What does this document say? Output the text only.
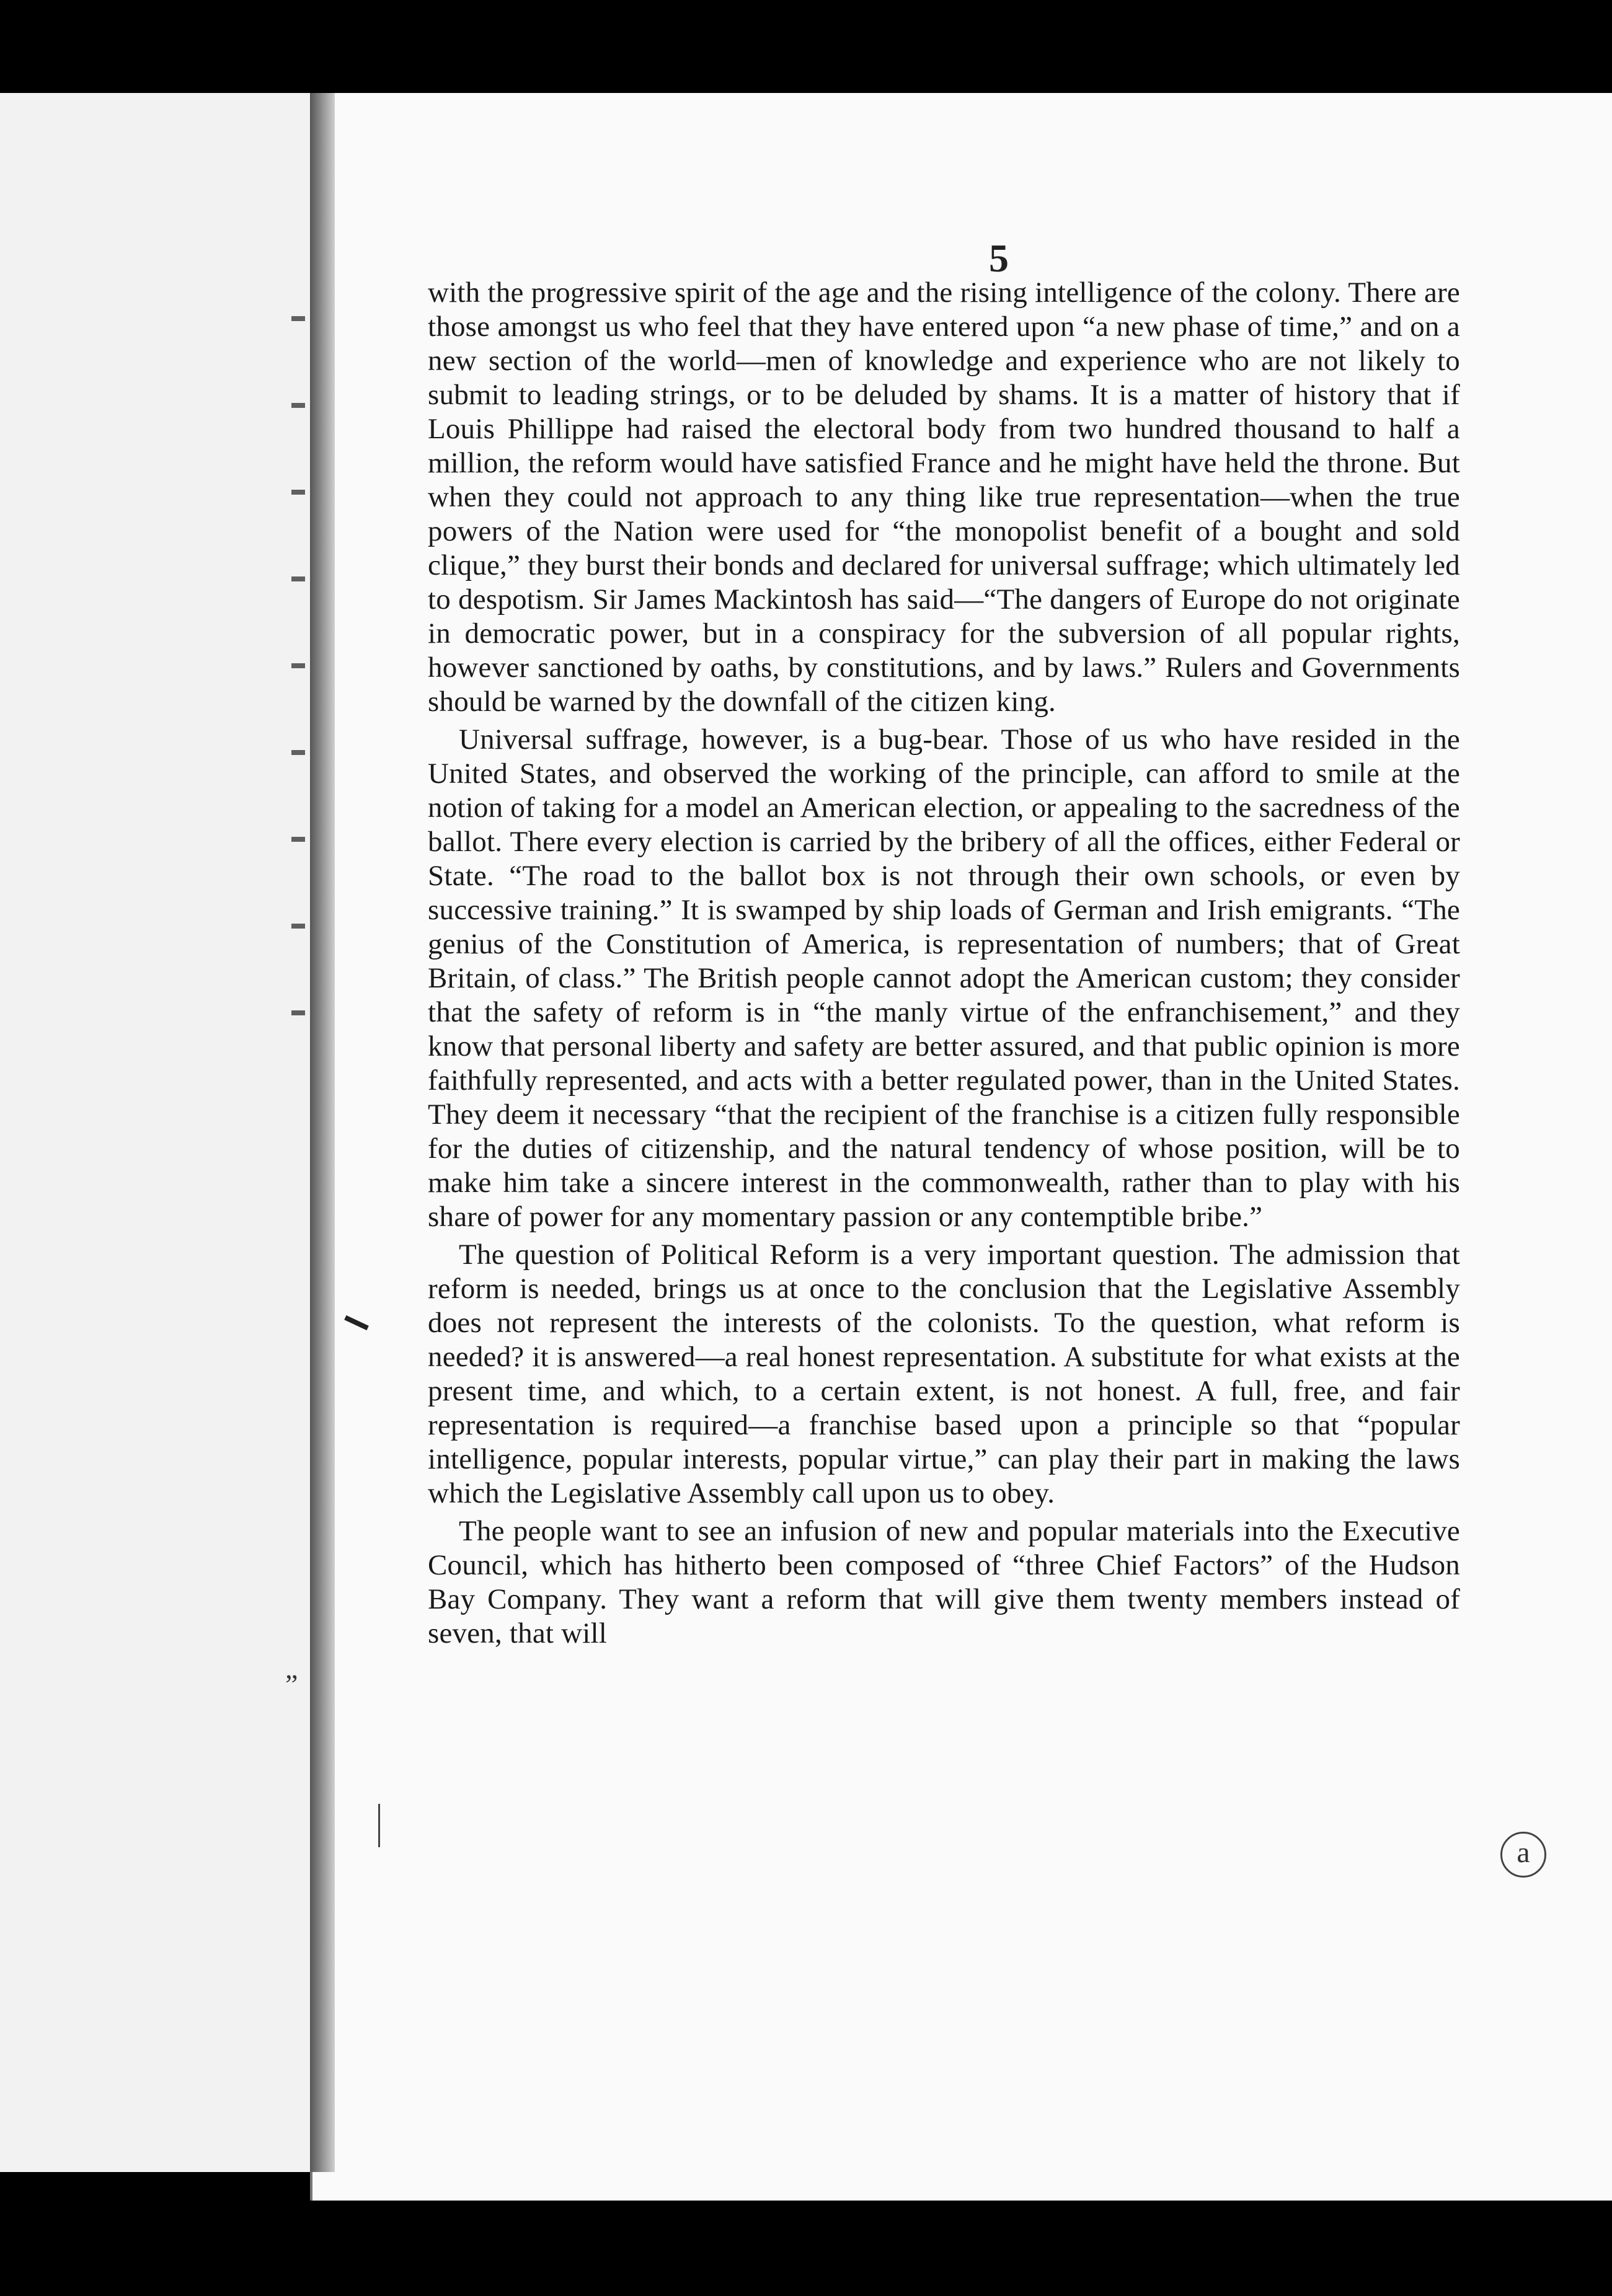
5

with the progressive spirit of the age and the rising intelligence of the colony. There are those amongst us who feel that they have entered upon “a new phase of time,” and on a new section of the world—men of knowledge and experience who are not likely to submit to leading strings, or to be deluded by shams. It is a matter of history that if Louis Phillippe had raised the electoral body from two hundred thousand to half a million, the reform would have satisfied France and he might have held the throne. But when they could not approach to any thing like true representation—when the true powers of the Nation were used for “the monopolist benefit of a bought and sold clique,” they burst their bonds and declared for universal suffrage; which ultimately led to despotism. Sir James Mackintosh has said—“The dangers of Europe do not originate in democratic power, but in a conspiracy for the subversion of all popular rights, however sanctioned by oaths, by constitutions, and by laws.” Rulers and Governments should be warned by the downfall of the citizen king.

Universal suffrage, however, is a bug-bear. Those of us who have resided in the United States, and observed the working of the principle, can afford to smile at the notion of taking for a model an American election, or appealing to the sacredness of the ballot. There every election is carried by the bribery of all the offices, either Federal or State. “The road to the ballot box is not through their own schools, or even by successive training.” It is swamped by ship loads of German and Irish emigrants. “The genius of the Constitution of America, is representation of numbers; that of Great Britain, of class.” The British people cannot adopt the American custom; they consider that the safety of reform is in “the manly virtue of the enfranchisement,” and they know that personal liberty and safety are better assured, and that public opinion is more faithfully represented, and acts with a better regulated power, than in the United States. They deem it necessary “that the recipient of the franchise is a citizen fully responsible for the duties of citizenship, and the natural tendency of whose position, will be to make him take a sincere interest in the commonwealth, rather than to play with his share of power for any momentary passion or any contemptible bribe.”

The question of Political Reform is a very important question. The admission that reform is needed, brings us at once to the conclusion that the Legislative Assembly does not represent the interests of the colonists. To the question, what reform is needed? it is answered—a real honest representation. A substitute for what exists at the present time, and which, to a certain extent, is not honest. A full, free, and fair representation is required—a franchise based upon a principle so that “popular intelligence, popular interests, popular virtue,” can play their part in making the laws which the Legislative Assembly call upon us to obey.

The people want to see an infusion of new and popular materials into the Executive Council, which has hitherto been composed of “three Chief Factors” of the Hudson Bay Company. They want a reform that will give them twenty members instead of seven, that will

„
a
